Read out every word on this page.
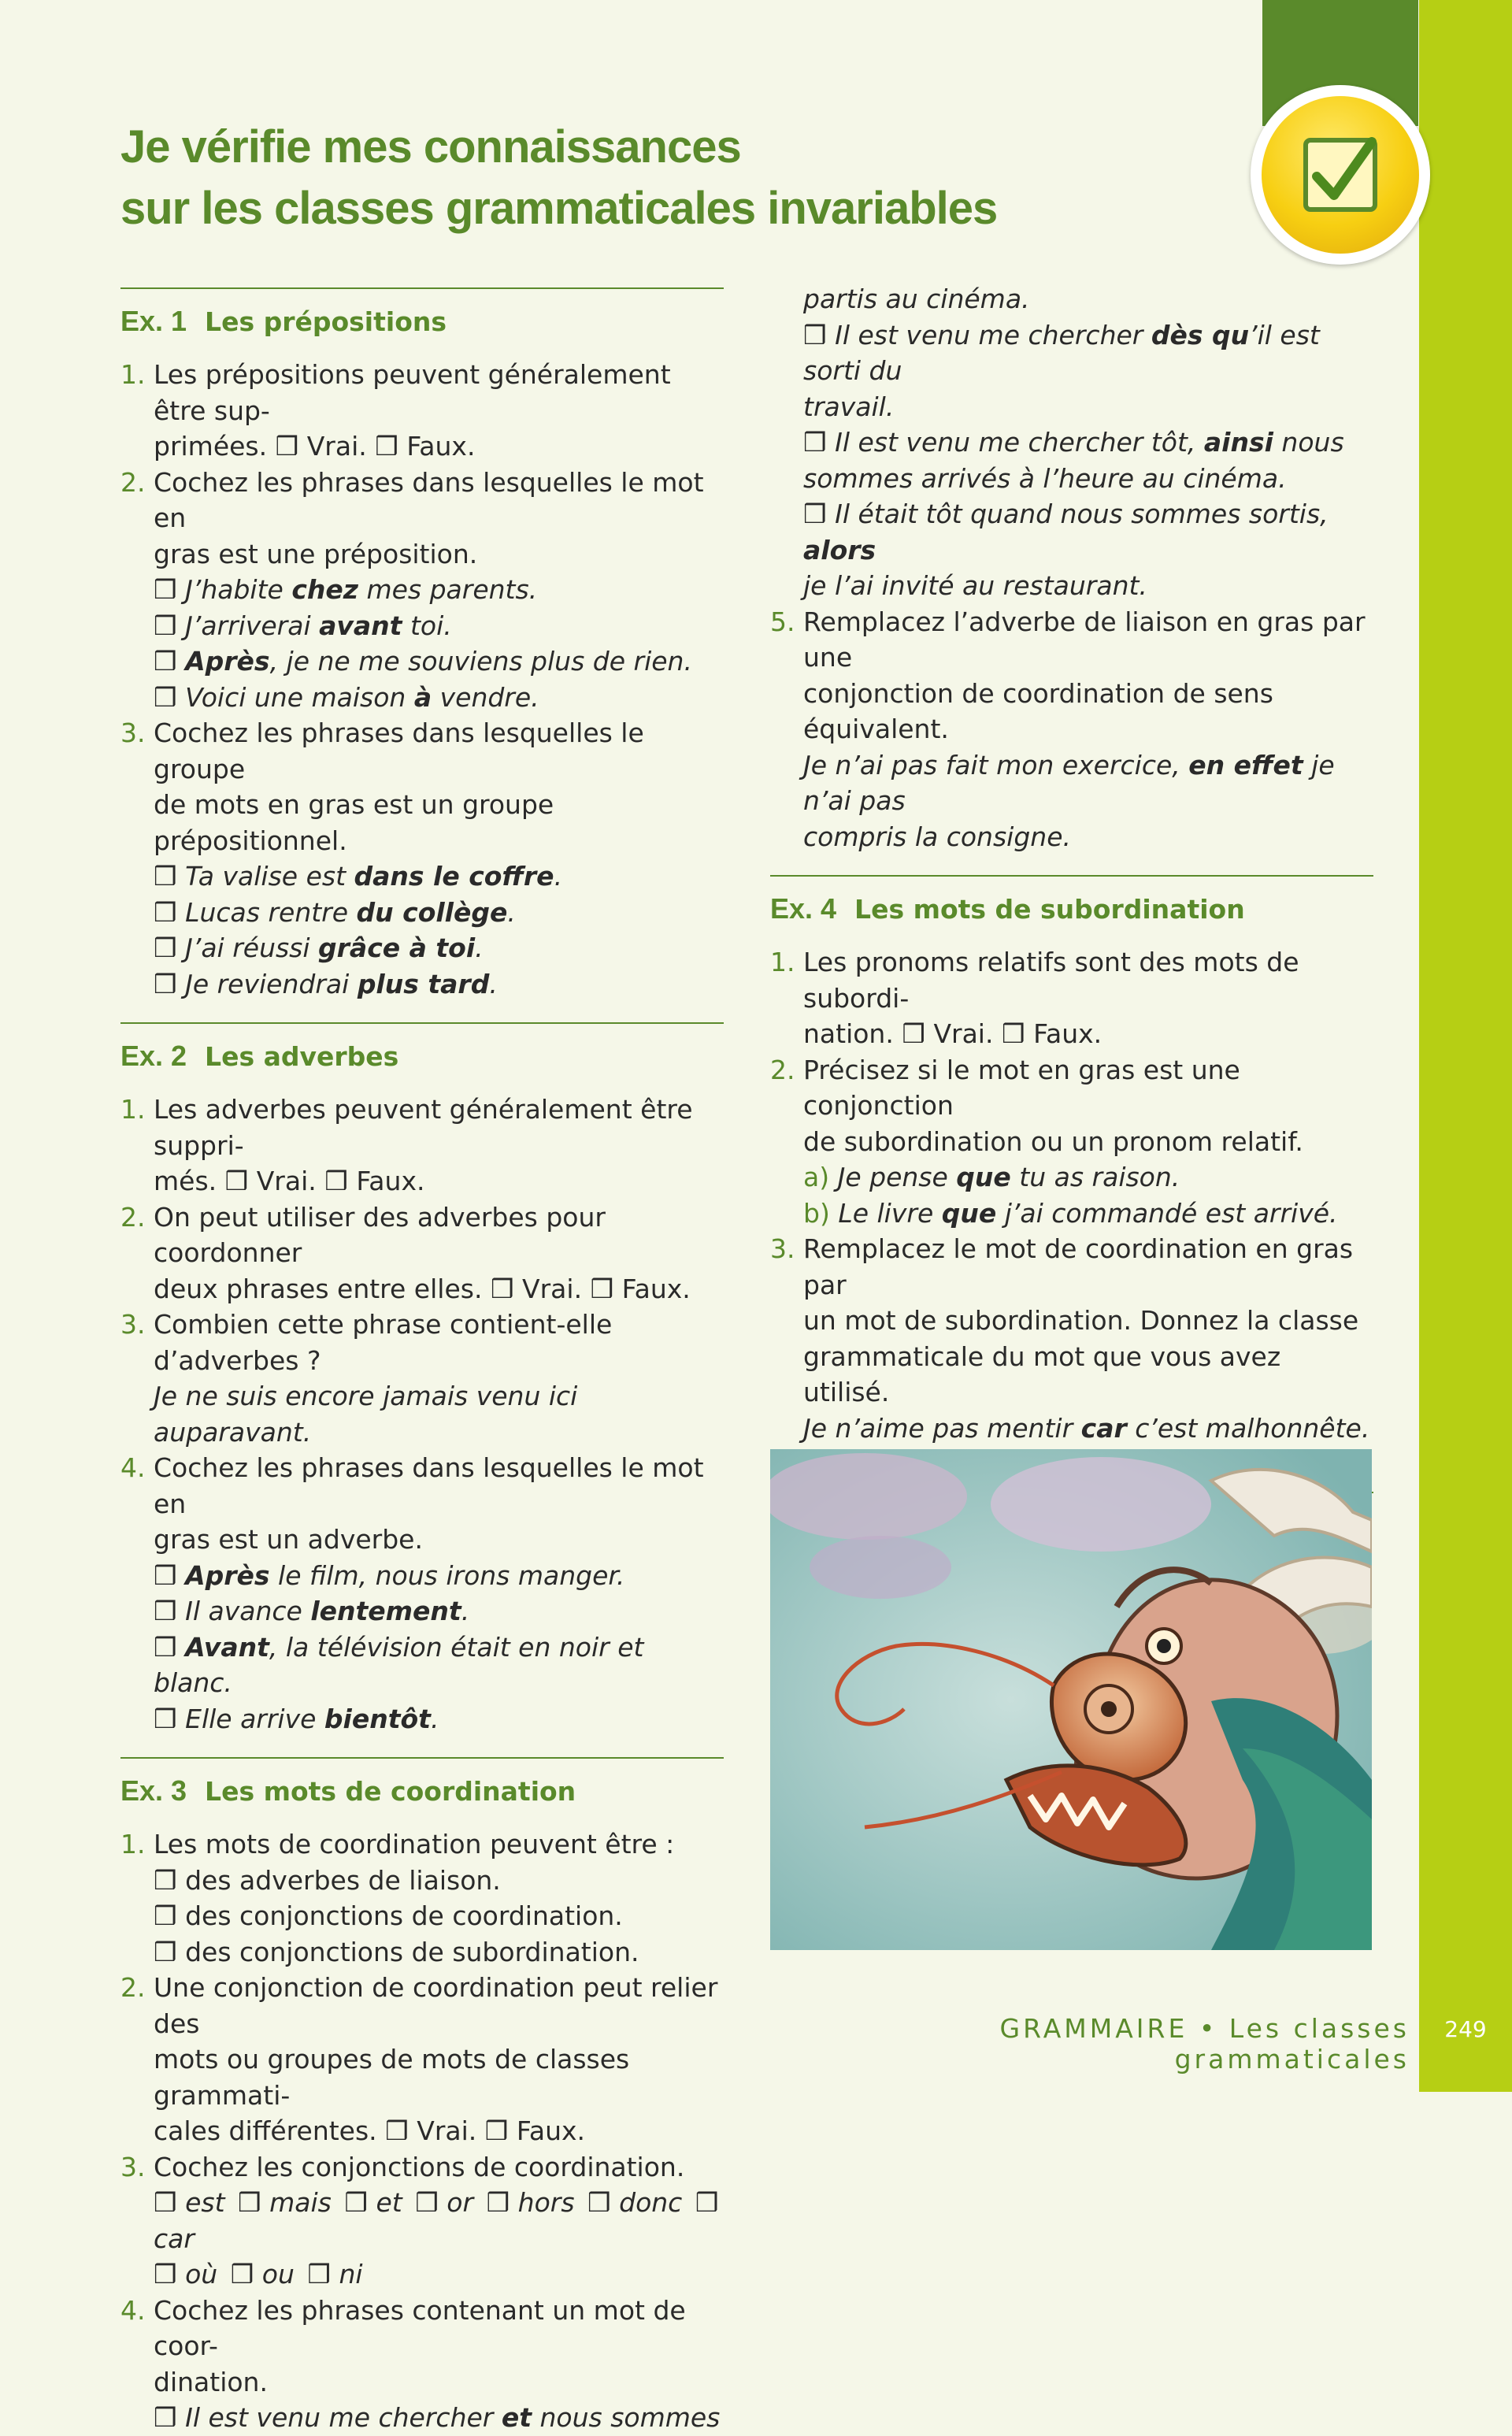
Je vérifie mes connaissances
sur les classes grammaticales invariables
Ex. 1 Les prépositions
1. Les prépositions peuvent généralement être sup-
primées. ❒ Vrai. ❒ Faux.
2. Cochez les phrases dans lesquelles le mot en
gras est une préposition.
❒ J’habite chez mes parents.
❒ J’arriverai avant toi.
❒ Après, je ne me souviens plus de rien.
❒ Voici une maison à vendre.
3. Cochez les phrases dans lesquelles le groupe
de mots en gras est un groupe prépositionnel.
❒ Ta valise est dans le coffre.
❒ Lucas rentre du collège.
❒ J’ai réussi grâce à toi.
❒ Je reviendrai plus tard.
Ex. 2 Les adverbes
1. Les adverbes peuvent généralement être suppri-
més. ❒ Vrai. ❒ Faux.
2. On peut utiliser des adverbes pour coordonner
deux phrases entre elles. ❒ Vrai. ❒ Faux.
3. Combien cette phrase contient-elle d’adverbes ?
Je ne suis encore jamais venu ici auparavant.
4. Cochez les phrases dans lesquelles le mot en
gras est un adverbe.
❒ Après le film, nous irons manger.
❒ Il avance lentement.
❒ Avant, la télévision était en noir et blanc.
❒ Elle arrive bientôt.
Ex. 3 Les mots de coordination
1. Les mots de coordination peuvent être :
❒ des adverbes de liaison.
❒ des conjonctions de coordination.
❒ des conjonctions de subordination.
2. Une conjonction de coordination peut relier des
mots ou groupes de mots de classes grammati-
cales différentes. ❒ Vrai. ❒ Faux.
3. Cochez les conjonctions de coordination.
❒ est ❒ mais ❒ et ❒ or ❒ hors ❒ donc ❒ car
❒ où ❒ ou ❒ ni
4. Cochez les phrases contenant un mot de coor-
dination.
❒ Il est venu me chercher et nous sommes
partis au cinéma.
❒ Il est venu me chercher dès qu’il est sorti du
travail.
❒ Il est venu me chercher tôt, ainsi nous
sommes arrivés à l’heure au cinéma.
❒ Il était tôt quand nous sommes sortis, alors
je l’ai invité au restaurant.
5. Remplacez l’adverbe de liaison en gras par une
conjonction de coordination de sens équivalent.
Je n’ai pas fait mon exercice, en effet je n’ai pas
compris la consigne.
Ex. 4 Les mots de subordination
1. Les pronoms relatifs sont des mots de subordi-
nation. ❒ Vrai. ❒ Faux.
2. Précisez si le mot en gras est une conjonction
de subordination ou un pronom relatif.
a) Je pense que tu as raison.
b) Le livre que j’ai commandé est arrivé.
3. Remplacez le mot de coordination en gras par
un mot de subordination. Donnez la classe
grammaticale du mot que vous avez utilisé.
Je n’aime pas mentir car c’est malhonnête.

GRAMMAIRE • Les classes grammaticales
249
